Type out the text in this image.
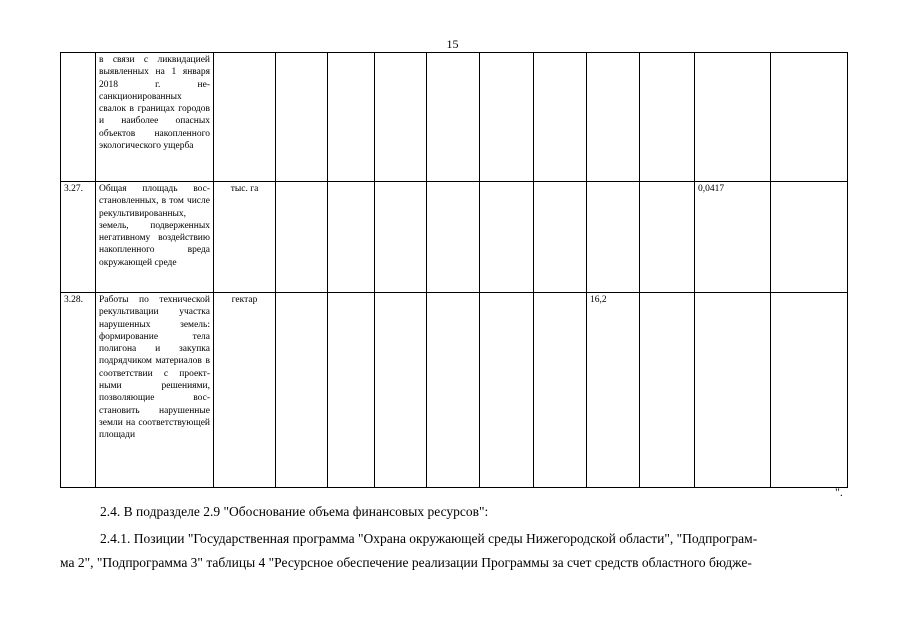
15
	в связи с ликвидацией выявленных на 1 января 2018 г. несанкционированных свалок в границах городов и наиболее опасных объектов накопленного экологического ущерба												
3.27.	Общая площадь восстановленных, в том числе рекультивированных, земель, подверженных негативному воздействию накопленного вреда окружающей среде	тыс. га									0,0417		
3.28.	Работы по технической рекультивации участка нарушенных земель: формирование тела полигона и закупка подрядчиком материалов в соответствии с проектными решениями, позволяющие восстановить нарушенные земли на соответствующей площади	гектар							16,2				
".
2.4. В подразделе 2.9 "Обоснование объема финансовых ресурсов":
2.4.1. Позиции "Государственная программа "Охрана окружающей среды Нижегородской области", "Подпрограм-
ма 2", "Подпрограмма 3" таблицы 4 "Ресурсное обеспечение реализации Программы за счет средств областного бюдже-
